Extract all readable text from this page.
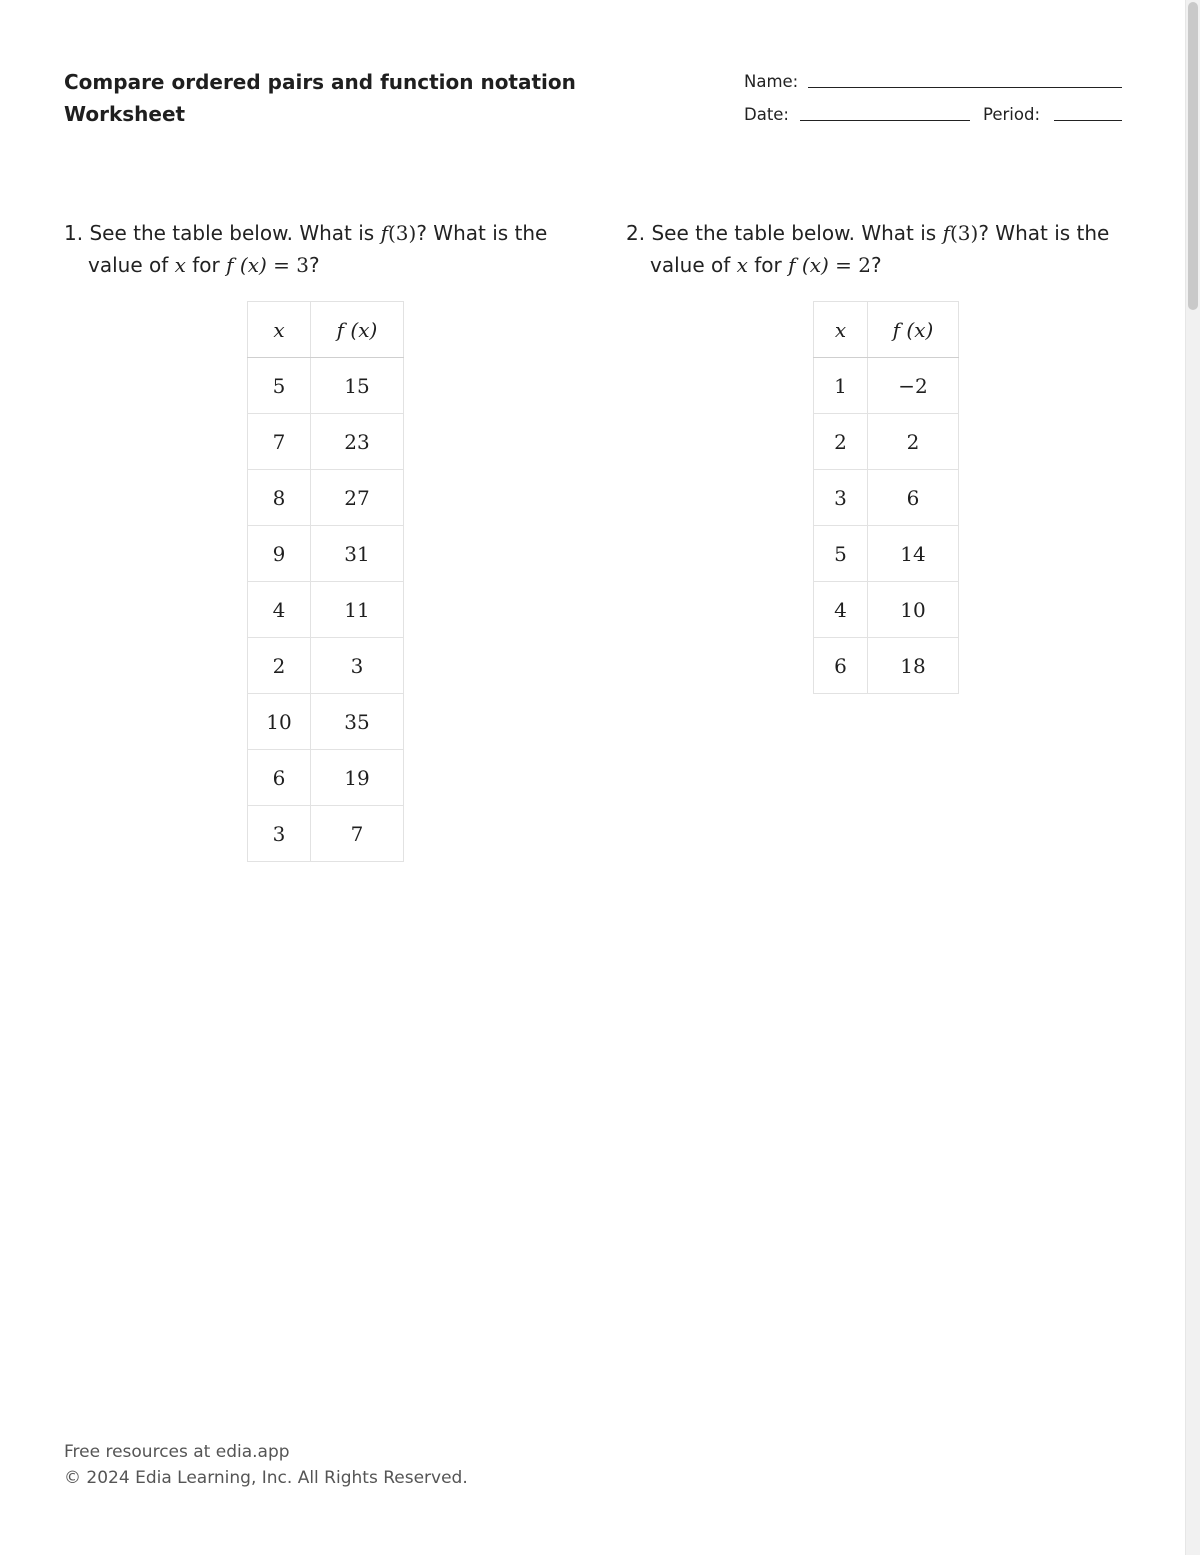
Compare ordered pairs and function notation
Worksheet
Name:
Date:	Period:
1. See the table below. What is f(3)? What is the
value of x for f (x) = 3?
2. See the table below. What is f(3)? What is the
value of x for f (x) = 2?
x	f (x)
5	15
7	23
8	27
9	31
4	11
2	3
10	35
6	19
3	7
x	f (x)
1	−2
2	2
3	6
5	14
4	10
6	18
Free resources at edia.app
© 2024 Edia Learning, Inc. All Rights Reserved.
